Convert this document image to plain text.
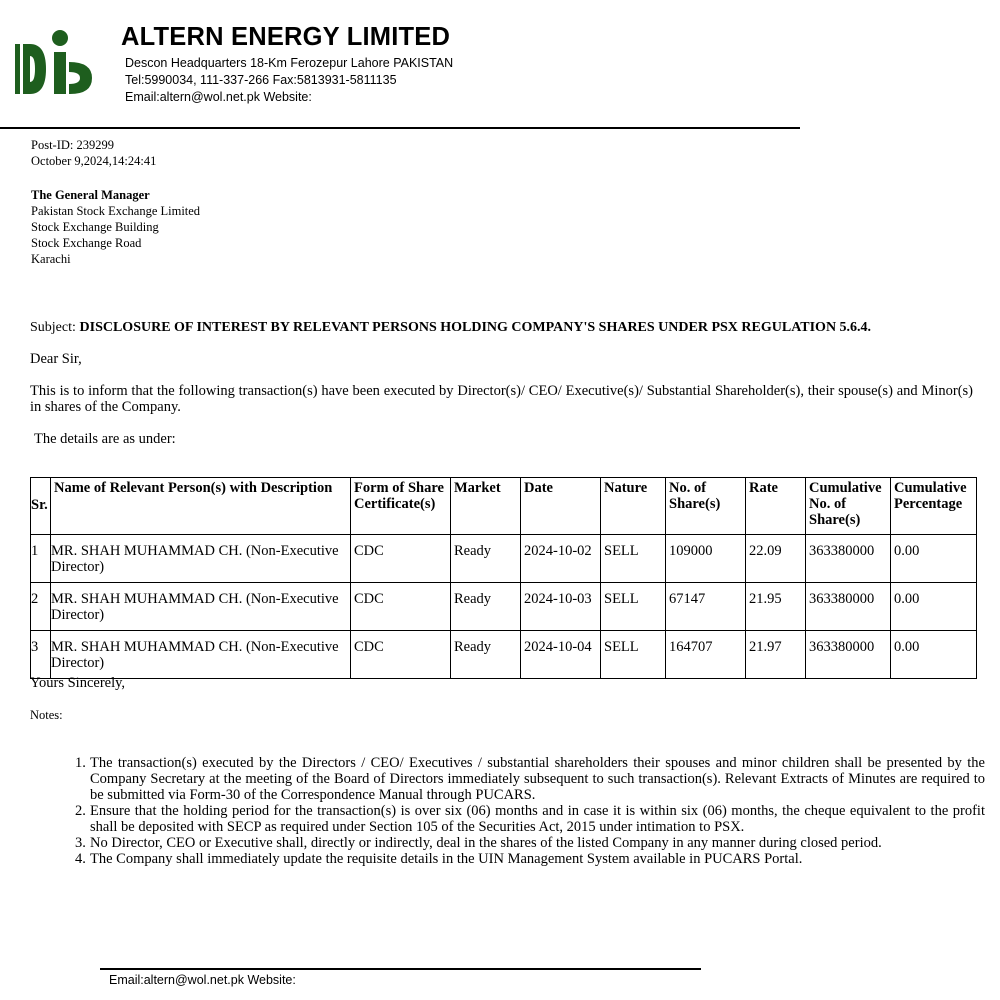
ALTERN ENERGY LIMITED
Descon Headquarters 18-Km Ferozepur Lahore PAKISTAN
Tel:5990034, 111-337-266 Fax:5813931-5811135
Email:altern@wol.net.pk Website:
Post-ID: 239299
October 9,2024,14:24:41
The General Manager
Pakistan Stock Exchange Limited
Stock Exchange Building
Stock Exchange Road
Karachi
Subject: DISCLOSURE OF INTEREST BY RELEVANT PERSONS HOLDING COMPANY'S SHARES UNDER PSX REGULATION 5.6.4.
Dear Sir,
This is to inform that the following transaction(s) have been executed by Director(s)/ CEO/ Executive(s)/ Substantial Shareholder(s), their spouse(s) and Minor(s) in shares of the Company.
The details are as under:
Sr.	Name of Relevant Person(s) with Description	Form of Share Certificate(s)	Market	Date	Nature	No. of Share(s)	Rate	Cumulative No. of Share(s)	Cumulative Percentage
1	MR. SHAH MUHAMMAD CH. (Non-Executive Director)	CDC	Ready	2024-10-02	SELL	109000	22.09	363380000	0.00
2	MR. SHAH MUHAMMAD CH. (Non-Executive Director)	CDC	Ready	2024-10-03	SELL	67147	21.95	363380000	0.00
3	MR. SHAH MUHAMMAD CH. (Non-Executive Director)	CDC	Ready	2024-10-04	SELL	164707	21.97	363380000	0.00
Yours Sincerely,
Notes:
1. The transaction(s) executed by the Directors / CEO/ Executives / substantial shareholders their spouses and minor children shall be presented by the Company Secretary at the meeting of the Board of Directors immediately subsequent to such transaction(s). Relevant Extracts of Minutes are required to be submitted via Form-30 of the Correspondence Manual through PUCARS.
2. Ensure that the holding period for the transaction(s) is over six (06) months and in case it is within six (06) months, the cheque equivalent to the profit shall be deposited with SECP as required under Section 105 of the Securities Act, 2015 under intimation to PSX.
3. No Director, CEO or Executive shall, directly or indirectly, deal in the shares of the listed Company in any manner during closed period.
4. The Company shall immediately update the requisite details in the UIN Management System available in PUCARS Portal.
Email:altern@wol.net.pk Website:
